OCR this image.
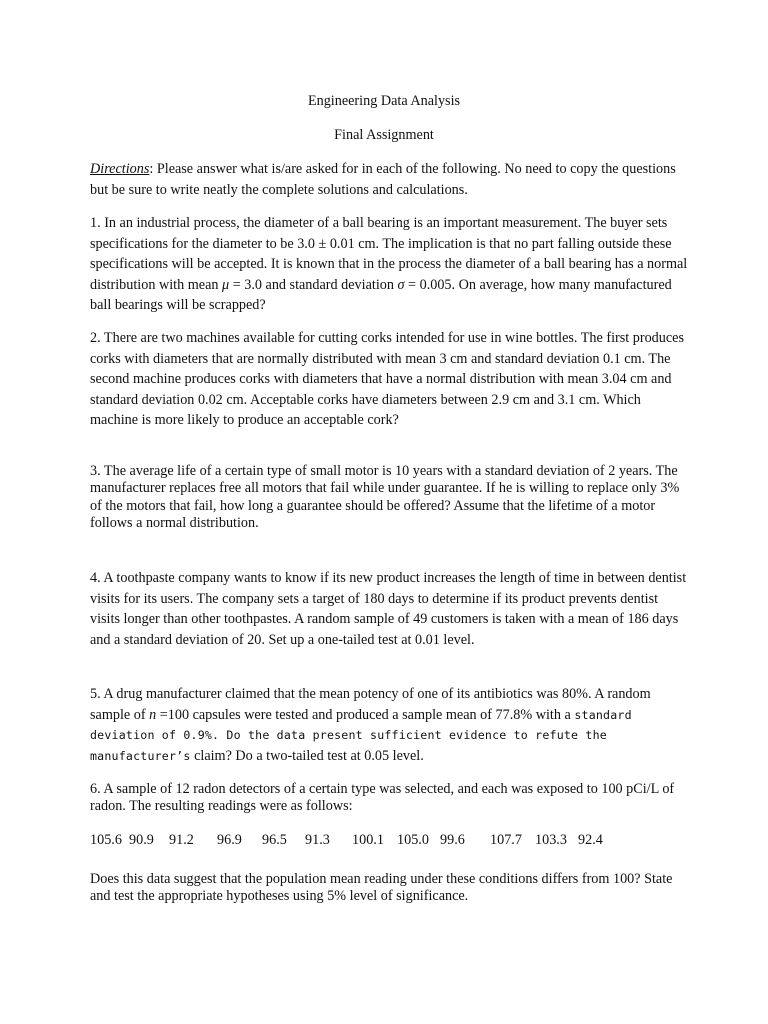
Engineering Data Analysis
Final Assignment
Directions: Please answer what is/are asked for in each of the following. No need to copy the questions but be sure to write neatly the complete solutions and calculations.
1. In an industrial process, the diameter of a ball bearing is an important measurement. The buyer sets specifications for the diameter to be 3.0 ± 0.01 cm. The implication is that no part falling outside these specifications will be accepted. It is known that in the process the diameter of a ball bearing has a normal distribution with mean μ = 3.0 and standard deviation σ = 0.005. On average, how many manufactured ball bearings will be scrapped?
2. There are two machines available for cutting corks intended for use in wine bottles. The first produces corks with diameters that are normally distributed with mean 3 cm and standard deviation 0.1 cm. The second machine produces corks with diameters that have a normal distribution with mean 3.04 cm and standard deviation 0.02 cm. Acceptable corks have diameters between 2.9 cm and 3.1 cm. Which machine is more likely to produce an acceptable cork?
3. The average life of a certain type of small motor is 10 years with a standard deviation of 2 years. The manufacturer replaces free all motors that fail while under guarantee. If he is willing to replace only 3% of the motors that fail, how long a guarantee should be offered? Assume that the lifetime of a motor follows a normal distribution.
4. A toothpaste company wants to know if its new product increases the length of time in between dentist visits for its users. The company sets a target of 180 days to determine if its product prevents dentist visits longer than other toothpastes. A random sample of 49 customers is taken with a mean of 186 days and a standard deviation of 20. Set up a one-tailed test at 0.01 level.
5. A drug manufacturer claimed that the mean potency of one of its antibiotics was 80%. A random sample of n =100 capsules were tested and produced a sample mean of 77.8% with a standard deviation of 0.9%. Do the data present sufficient evidence to refute the manufacturer’s claim? Do a two-tailed test at 0.05 level.
6. A sample of 12 radon detectors of a certain type was selected, and each was exposed to 100 pCi/L of radon. The resulting readings were as follows:
105.6 90.9	91.2	96.9	96.5	91.3	100.1 105.0 99.6	107.7 103.3 92.4
Does this data suggest that the population mean reading under these conditions differs from 100? State and test the appropriate hypotheses using 5% level of significance.
